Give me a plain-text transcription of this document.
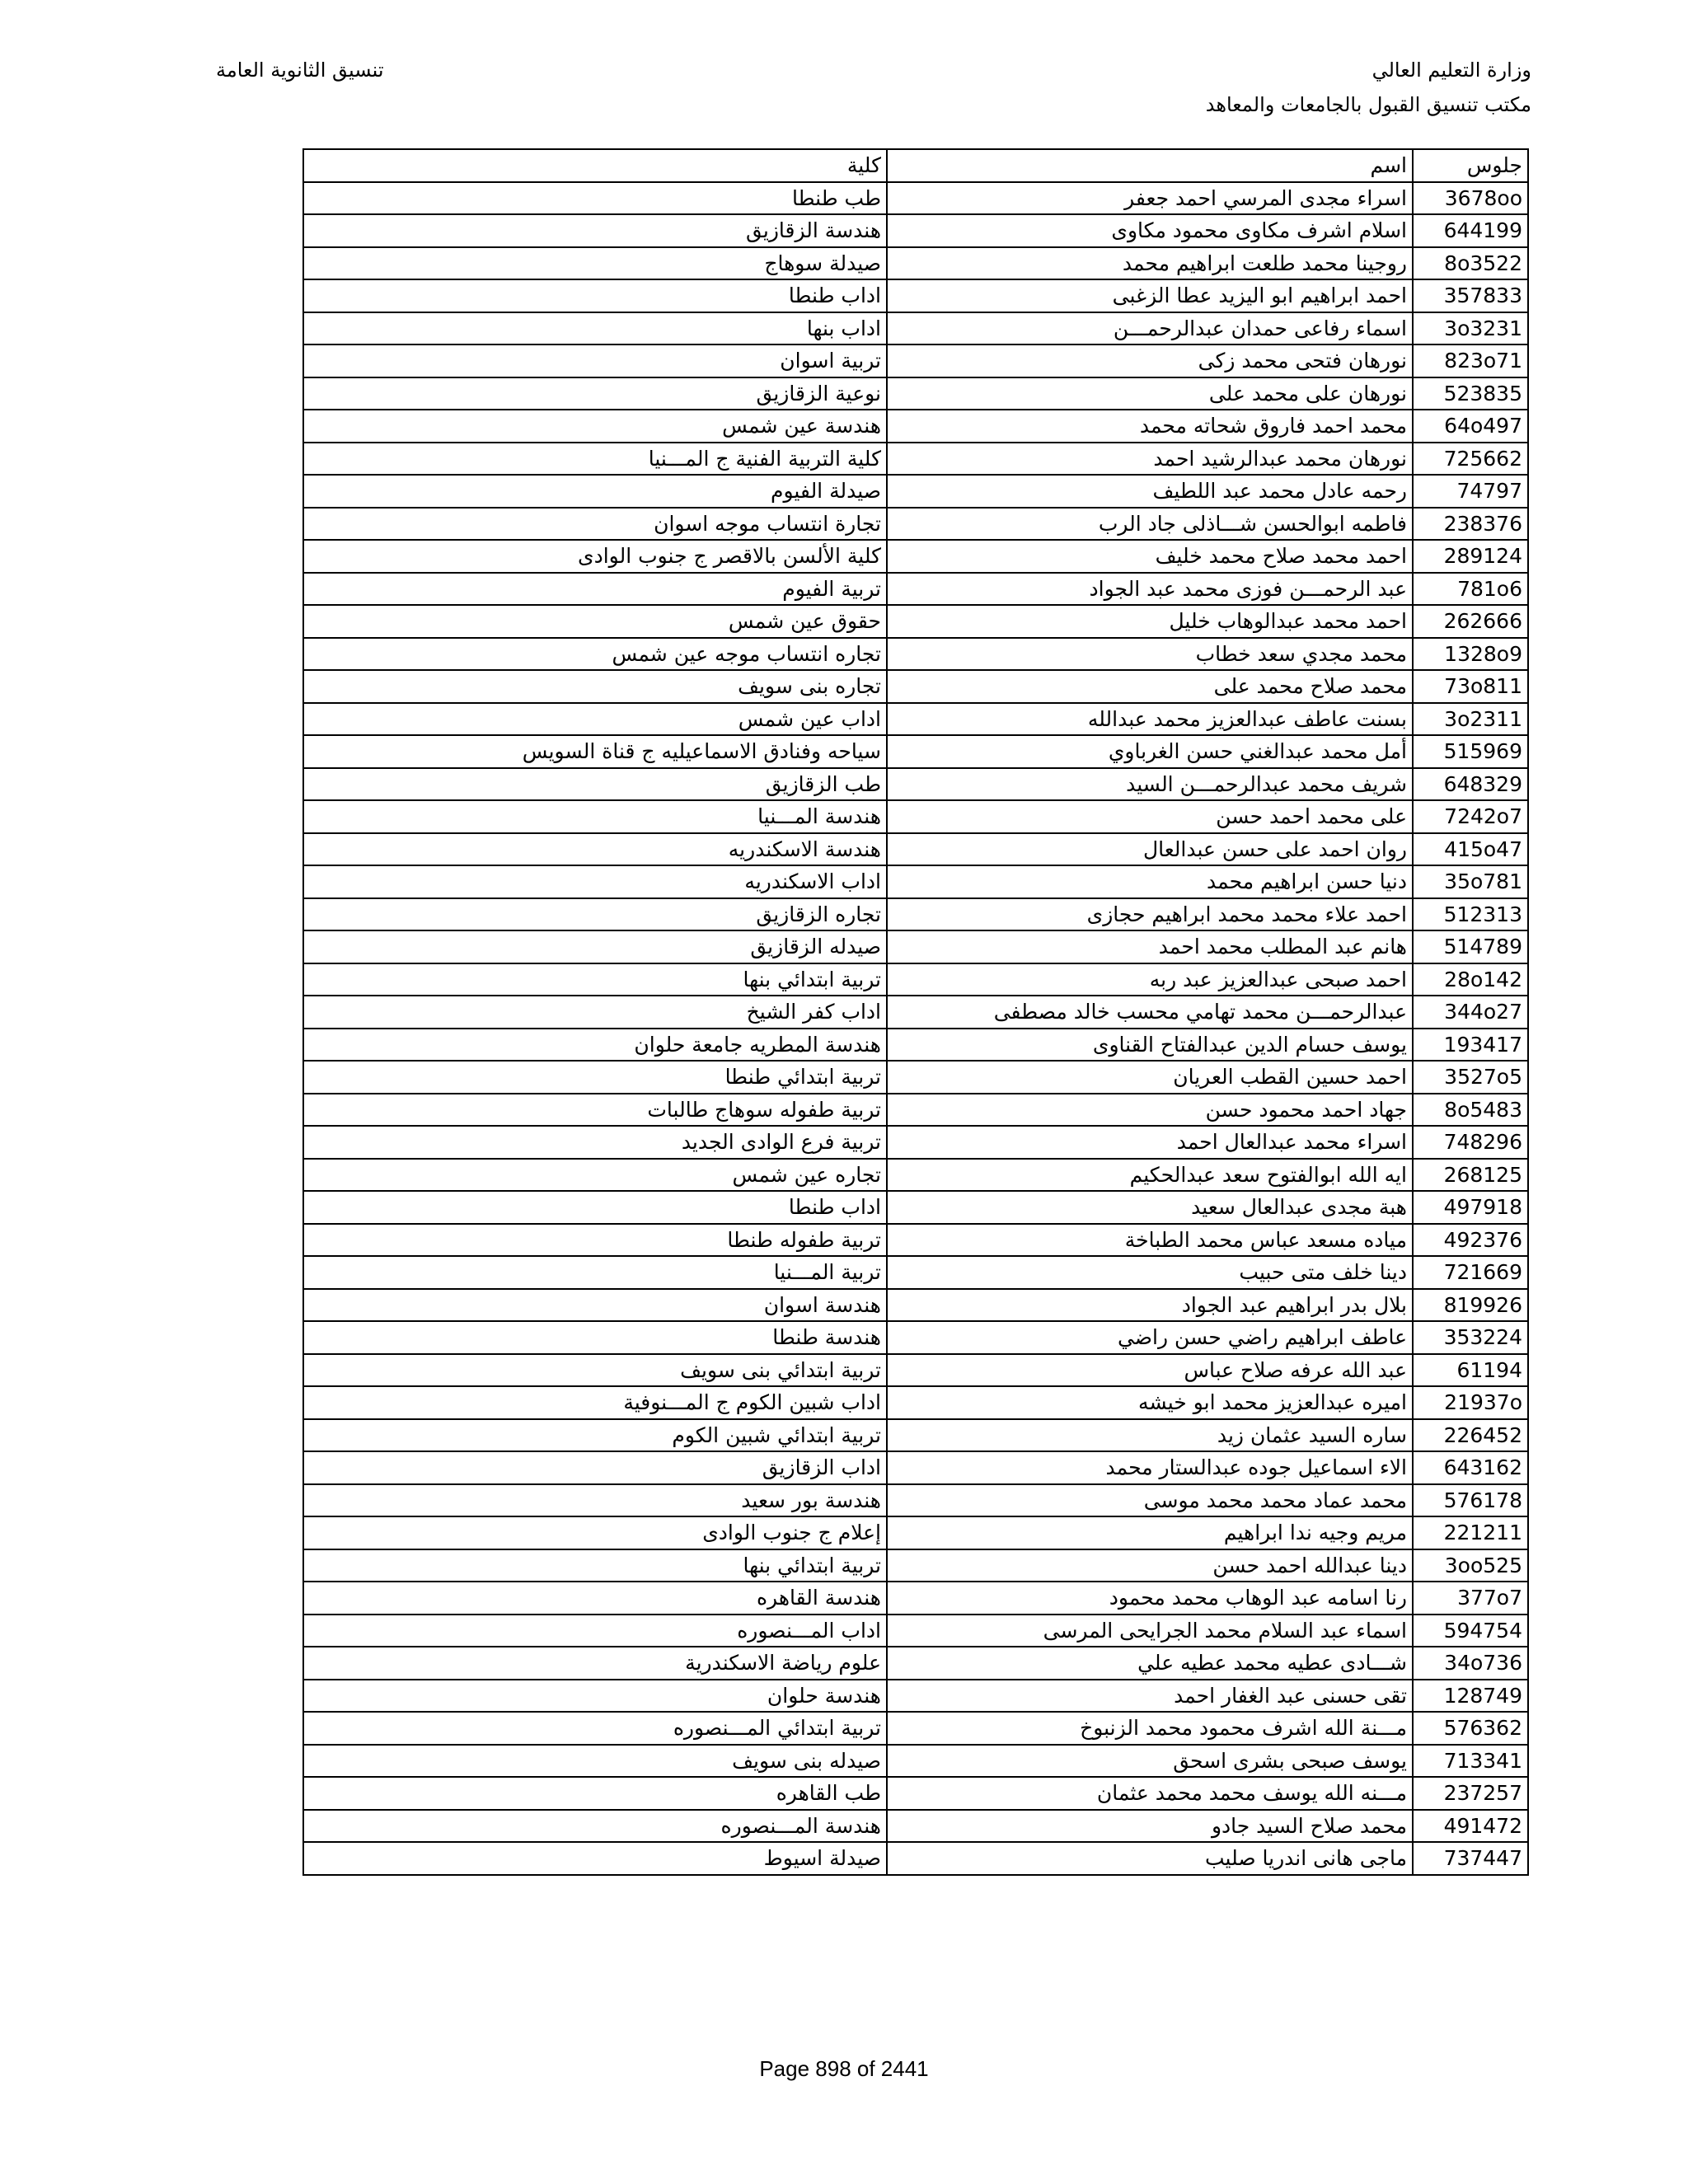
وزارة التعليم العالي
مكتب تنسيق القبول بالجامعات والمعاهد
تنسيق الثانوية العامة
جلوس	اسم	كلية
3678oo	اسراء مجدى المرسي احمد جعفر	طب طنطا
644199	اسلام اشرف مكاوى محمود مكاوى	هندسة الزقازيق
8o3522	روجينا محمد طلعت ابراهيم محمد	صيدلة سوهاج
357833	احمد ابراهيم ابو اليزيد عطا الزغبى	اداب طنطا
3o3231	اسماء رفاعى حمدان عبدالرحمـــن	اداب بنها
823o71	نورهان فتحى محمد زكى	تربية اسوان
523835	نورهان على محمد على	نوعية الزقازيق
64o497	محمد احمد فاروق شحاته محمد	هندسة عين شمس
725662	نورهان محمد عبدالرشيد احمد	كلية التربية الفنية ج المـــنيا
74797	رحمه عادل محمد عبد اللطيف	صيدلة الفيوم
238376	فاطمه ابوالحسن شـــاذلى جاد الرب	تجارة انتساب موجه اسوان
289124	احمد محمد صلاح محمد خليف	كلية الألسن بالاقصر ج جنوب الوادى
781o6	عبد الرحمـــن فوزى محمد عبد الجواد	تربية الفيوم
262666	احمد محمد عبدالوهاب خليل	حقوق عين شمس
1328o9	محمد مجدي سعد خطاب	تجاره انتساب موجه عين شمس
73o811	محمد صلاح محمد على	تجاره بنى سويف
3o2311	بسنت عاطف عبدالعزيز محمد عبدالله	اداب عين شمس
515969	أمل محمد عبدالغني حسن الغرباوي	سياحه وفنادق الاسماعيليه ج قناة السويس
648329	شريف محمد عبدالرحمـــن السيد	طب الزقازيق
7242o7	على محمد احمد حسن	هندسة المـــنيا
415o47	روان احمد على حسن عبدالعال	هندسة الاسكندريه
35o781	دنيا حسن ابراهيم محمد	اداب الاسكندريه
512313	احمد علاء محمد محمد ابراهيم حجازى	تجاره الزقازيق
514789	هانم عبد المطلب محمد احمد	صيدله الزقازيق
28o142	احمد صبحى عبدالعزيز عبد ربه	تربية ابتدائي بنها
344o27	عبدالرحمـــن محمد تهامي محسب خالد مصطفى	اداب كفر الشيخ
193417	يوسف حسام الدين عبدالفتاح القناوى	هندسة المطريه جامعة حلوان
3527o5	احمد حسين القطب العريان	تربية ابتدائي طنطا
8o5483	جهاد احمد محمود حسن	تربية طفوله سوهاج طالبات
748296	اسراء محمد عبدالعال احمد	تربية فرع الوادى الجديد
268125	ايه الله ابوالفتوح سعد عبدالحكيم	تجاره عين شمس
497918	هبة مجدى عبدالعال سعيد	اداب طنطا
492376	مياده مسعد عباس محمد الطباخة	تربية طفوله طنطا
721669	دينا خلف متى حبيب	تربية المـــنيا
819926	بلال بدر ابراهيم عبد الجواد	هندسة اسوان
353224	عاطف ابراهيم راضي حسن راضي	هندسة طنطا
61194	عبد الله عرفه صلاح عباس	تربية ابتدائي بنى سويف
21937o	اميره عبدالعزيز محمد ابو خيشه	اداب شبين الكوم ج المـــنوفية
226452	ساره السيد عثمان زيد	تربية ابتدائي شبين الكوم
643162	الاء اسماعيل جوده عبدالستار محمد	اداب الزقازيق
576178	محمد عماد محمد محمد موسى	هندسة بور سعيد
221211	مريم وجيه ندا ابراهيم	إعلام ج جنوب الوادى
3oo525	دينا عبدالله احمد حسن	تربية ابتدائي بنها
377o7	رنا اسامه عبد الوهاب محمد محمود	هندسة القاهره
594754	اسماء عبد السلام محمد الجرايحى المرسى	اداب المـــنصوره
34o736	شـــادى عطيه محمد عطيه علي	علوم رياضة الاسكندرية
128749	تقى حسنى عبد الغفار احمد	هندسة حلوان
576362	مـــنة الله اشرف محمود محمد الزنبوخ	تربية ابتدائي المـــنصوره
713341	يوسف صبحى بشرى اسحق	صيدله بنى سويف
237257	مـــنه الله يوسف محمد محمد عثمان	طب القاهره
491472	محمد صلاح السيد جادو	هندسة المـــنصوره
737447	ماجى هانى اندريا صليب	صيدلة اسيوط
Page 898 of 2441
